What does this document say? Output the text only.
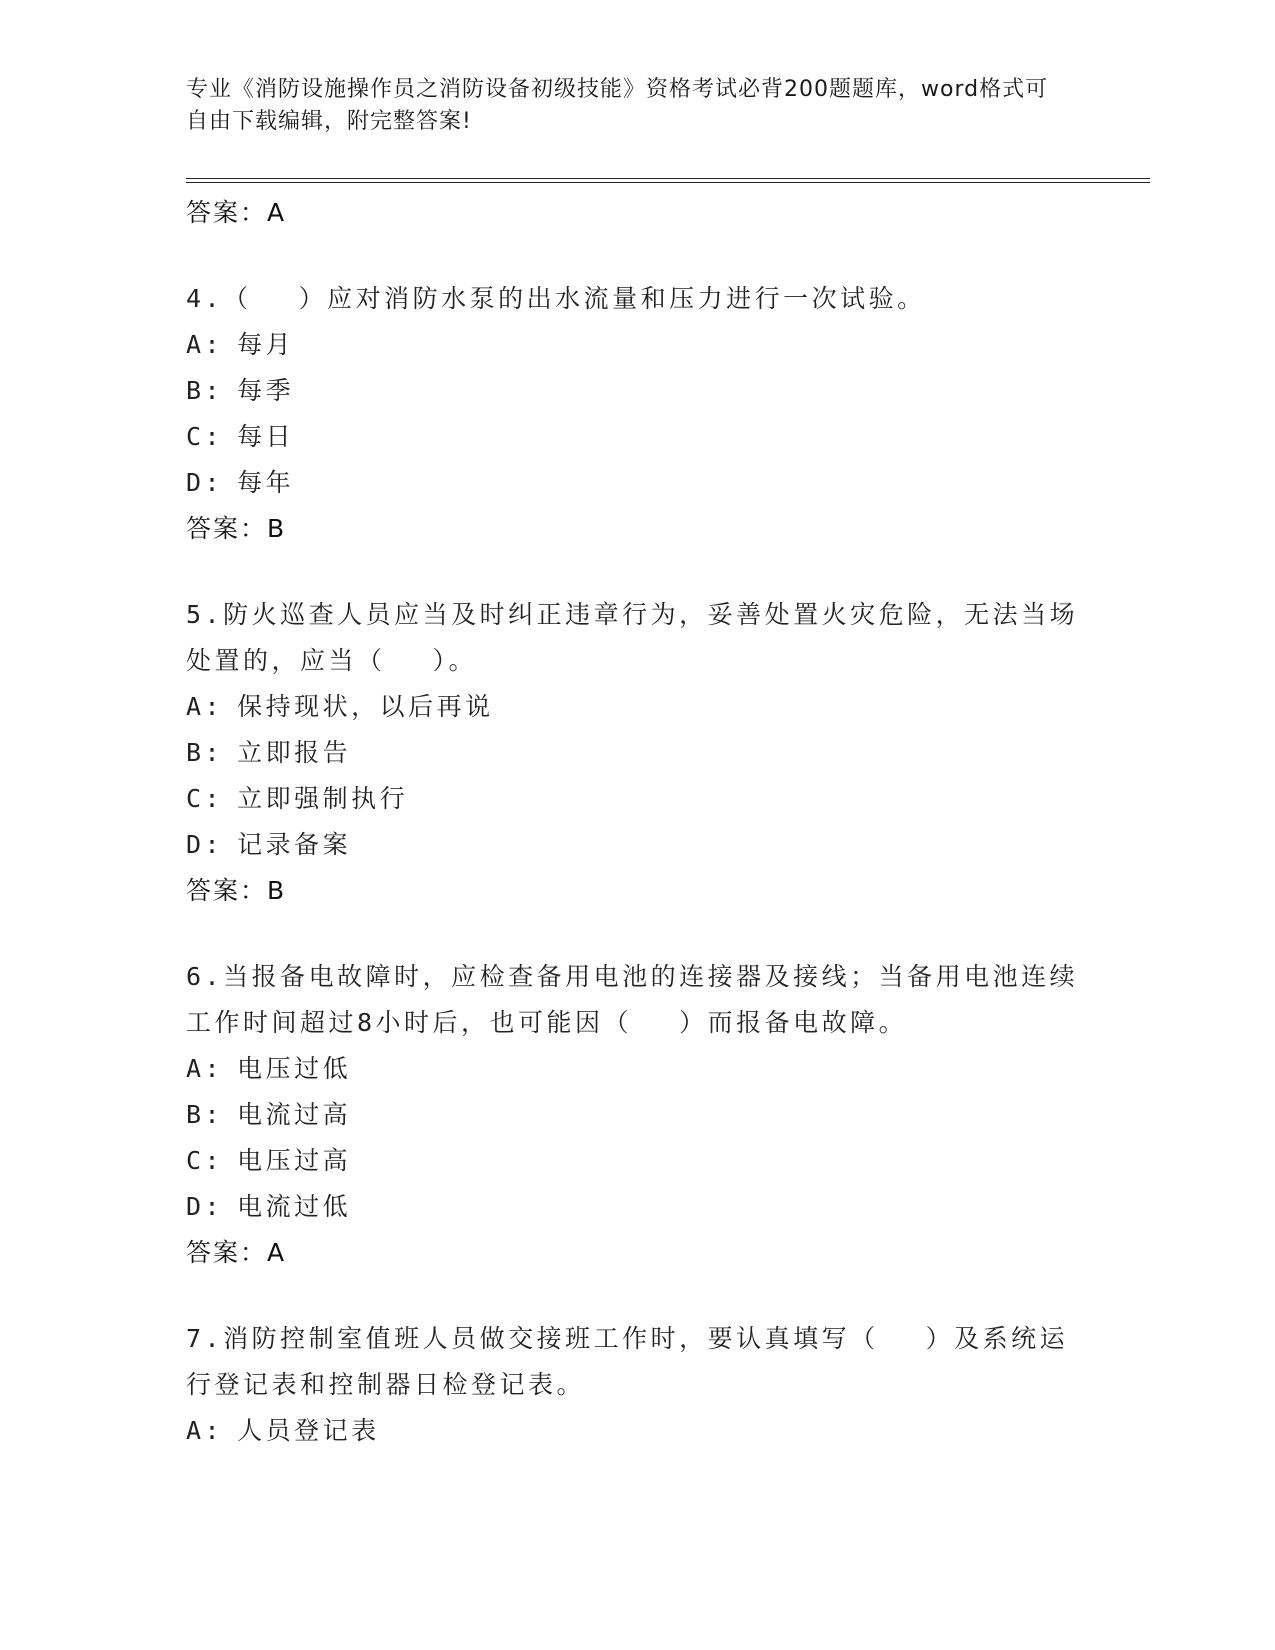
专业《消防设施操作员之消防设备初级技能》资格考试必背200题题库，word格式可自由下载编辑，附完整答案!
答案：A
4.（　 ）应对消防水泵的出水流量和压力进行一次试验。
A: 每月
B: 每季
C: 每日
D: 每年
答案：B
5.防火巡查人员应当及时纠正违章行为，妥善处置火灾危险，无法当场处置的，应当（　 ）。
A: 保持现状，以后再说
B: 立即报告
C: 立即强制执行
D: 记录备案
答案：B
6.当报备电故障时，应检查备用电池的连接器及接线；当备用电池连续工作时间超过8小时后，也可能因（　 ）而报备电故障。
A: 电压过低
B: 电流过高
C: 电压过高
D: 电流过低
答案：A
7.消防控制室值班人员做交接班工作时，要认真填写（　 ）及系统运行登记表和控制器日检登记表。
A: 人员登记表
